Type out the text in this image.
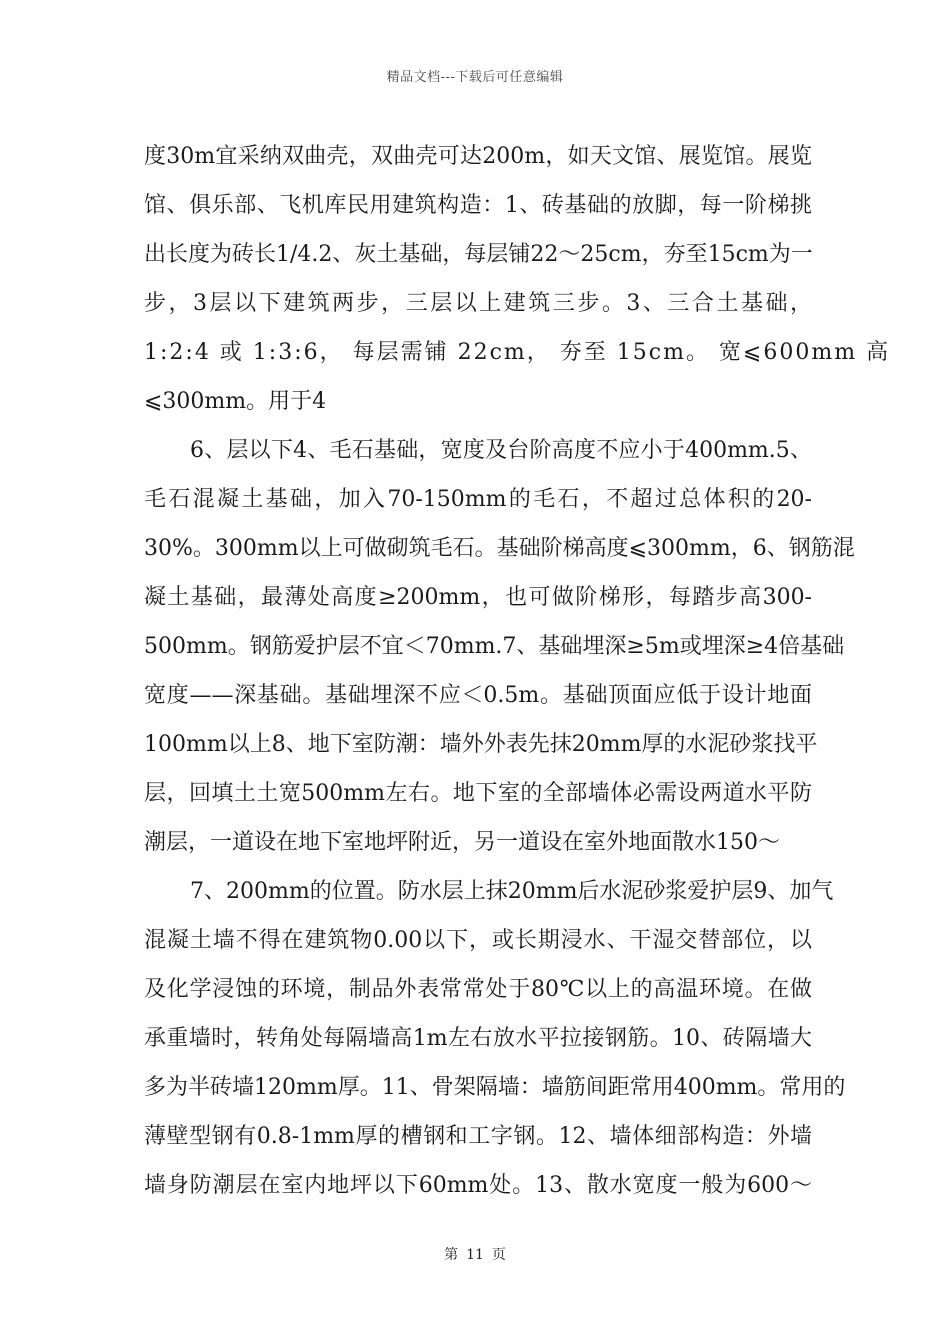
精品文档---下载后可任意编辑
度30m宜采纳双曲壳，双曲壳可达200m，如天文馆、展览馆。展览
馆、俱乐部、飞机库民用建筑构造：1、砖基础的放脚，每一阶梯挑
出长度为砖长1/4.2、灰土基础，每层铺22～25cm，夯至15cm为一
步，3层以下建筑两步，三层以上建筑三步。3、三合土基础，
1:2:4 或 1:3:6， 每层需铺 22cm， 夯至 15cm。 宽⩽600mm 高
⩽300mm。用于4
6、层以下4、毛石基础，宽度及台阶高度不应小于400mm.5、
毛石混凝土基础，加入70-150mm的毛石，不超过总体积的20-
30%。300mm以上可做砌筑毛石。基础阶梯高度⩽300mm，6、钢筋混
凝土基础，最薄处高度≥200mm，也可做阶梯形，每踏步高300-
500mm。钢筋爱护层不宜＜70mm.7、基础埋深≥5m或埋深≥4倍基础
宽度——深基础。基础埋深不应＜0.5m。基础顶面应低于设计地面
100mm以上8、地下室防潮：墙外外表先抹20mm厚的水泥砂浆找平
层，回填土土宽500mm左右。地下室的全部墙体必需设两道水平防
潮层，一道设在地下室地坪附近，另一道设在室外地面散水150～
7、200mm的位置。防水层上抹20mm后水泥砂浆爱护层9、加气
混凝土墙不得在建筑物0.00以下，或长期浸水、干湿交替部位，以
及化学浸蚀的环境，制品外表常常处于80℃以上的高温环境。在做
承重墙时，转角处每隔墙高1m左右放水平拉接钢筋。10、砖隔墙大
多为半砖墙120mm厚。11、骨架隔墙：墙筋间距常用400mm。常用的
薄壁型钢有0.8-1mm厚的槽钢和工字钢。12、墙体细部构造：外墙
墙身防潮层在室内地坪以下60mm处。13、散水宽度一般为600～
第 11 页
